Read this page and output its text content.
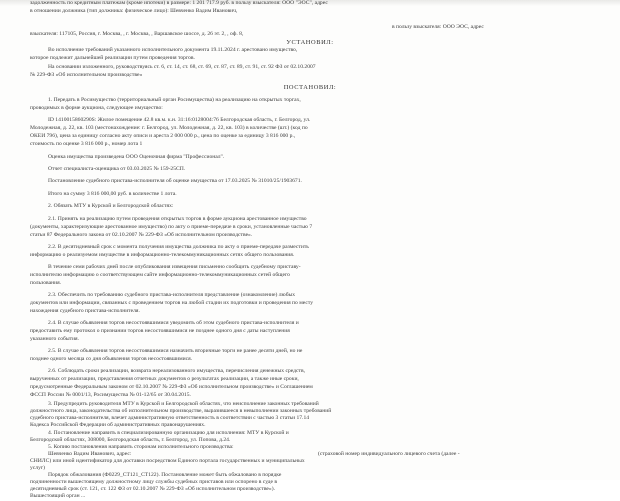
задолженность по кредитным платежам (кроме ипотеки) в размере: 1 201 717.9 руб. в пользу взыскателя: ООО "ЭОС", адрес
в отношении должника (тип должника: физическое лицо): Шевченко Вадим Иванович,
в пользу взыскателя: ООО ЭОС, адрес
взыскателя: 117105, Россия, г. Москва, , г. Москва, , Варшавское шоссе, д. 26 эт. 2, , оф. 8,
УСТАНОВИЛ:
Во исполнение требований указанного исполнительного документа 19.11.2024 г. арестовано имущество,
которое подлежит дальнейшей реализации путем проведения торгов.
На основании изложенного, руководствуясь ст. 6, ст. 14, ст. 68, ст. 69, ст. 87, ст. 89, ст. 91, ст. 92 ФЗ от 02.10.2007
№ 229-ФЗ «Об исполнительном производстве»
ПОСТАНОВИЛ:
1. Передать в Росимущество (территориальный орган Росимущества) на реализацию на открытых торгах,
проводимых в форме аукциона, следующее имущество:
ID 1410015860290S: Жилое помещение 42.8 кв.м. к.н. 31:16:0128004:76 Белгородская область, г. Белгород, ул.
Молодежная, д. 22, кв. 103 (местонахождение: г. Белгород, ул. Молодежная, д. 22, кв. 103) в количестве (шт.) (код по
ОКЕИ 796), цена за единицу согласно акту описи и ареста 2 000 000 р., цена по оценке за единицу 3 816 000 р.,
стоимость по оценке 3 816 000 р., номер лота 1
Оценка имущества произведена ООО Оценочная фирма "Профессионал".
Отчет специалиста-оценщика от 03.03.2025 № 159-25СП.
Постановление судебного пристава-исполнителя об оценке имущества от 17.03.2025 № 31010/25/1903671.
Итого на сумму 3 816 000,00 руб. в количестве 1 лота.
2. Обязать МТУ в Курской и Белгородской областях:
2.1. Принять на реализацию путем проведения открытых торгов в форме аукциона арестованное имущество
(документы, характеризующие арестованное имущество) по акту о приеме-передаче в сроки, установленные частью 7
статьи 87 Федерального закона от 02.10.2007 № 229-ФЗ «Об исполнительном производстве».
2.2. В десятидневный срок с момента получения имущества должника по акту о приеме-передаче разместить
информацию о реализуемом имуществе в информационно-телекоммуникационных сетях общего пользования.
В течение семи рабочих дней после опубликования извещения письменно сообщить судебному приставу-
исполнителю информацию о соответствующем сайте информационно-телекоммуникационных сетей общего
пользования.
2.3. Обеспечить по требованию судебного пристава-исполнителя представление (ознакомление) любых
документов или информации, связанных с проведением торгов на любой стадии их подготовки и проведения по месту
нахождения судебного пристава-исполнителя.
2.4. В случае объявления торгов несостоявшимися уведомить об этом судебного пристава-исполнителя и
предоставить ему протокол о признании торгов несостоявшимися не позднее одного дня с даты наступления
указанного события.
2.5. В случае объявления торгов несостоявшимися назначить вторичные торги не ранее десяти дней, но не
позднее одного месяца со дня объявления торгов несостоявшимися.
2.6. Соблюдать сроки реализации, возврата нереализованного имущества, перечисления денежных средств,
вырученных от реализации, представления отчетных документов о результатах реализации, а также иные сроки,
предусмотренные Федеральным законом от 02.10.2007 № 229-ФЗ «Об исполнительном производстве» и Соглашением
ФССП России № 0001/13, Росимущества № 01-12/65 от 30.04.2015.
3. Предупредить руководителя МТУ в Курской и Белгородской областях, что неисполнение законных требований
должностного лица, законодательства об исполнительном производстве, выразившееся в невыполнении законных требований
судебного пристава-исполнителя, влечет административную ответственность в соответствии с частью 3 статьи 17.14
Кодекса Российской Федерации об административных правонарушениях.
4. Постановление направить в специализированную организацию для исполнения: МТУ в Курской и
Белгородской областях, 308000, Белгородская область, г. Белгород, ул. Попова, д.24.
5. Копию постановления направить сторонам исполнительного производства:
Шевченко Вадим Иванович, адрес:	(страховой номер индивидуального лицевого счета (далее -
СНИЛС) или иной идентификатор для доставки посредством Единого портала государственных и муниципальных
услуг)
Порядок обжалования (Ф0229_СТ121_СТ122). Постановление может быть обжаловано в порядке
подчиненности вышестоящему должностному лицу службы судебных приставов или оспорено в суде в
десятидневный срок (ст. 121, ст. 122 ФЗ от 02.10.2007 № 229-ФЗ «Об исполнительном производстве»).
Вышестоящий орган ...
